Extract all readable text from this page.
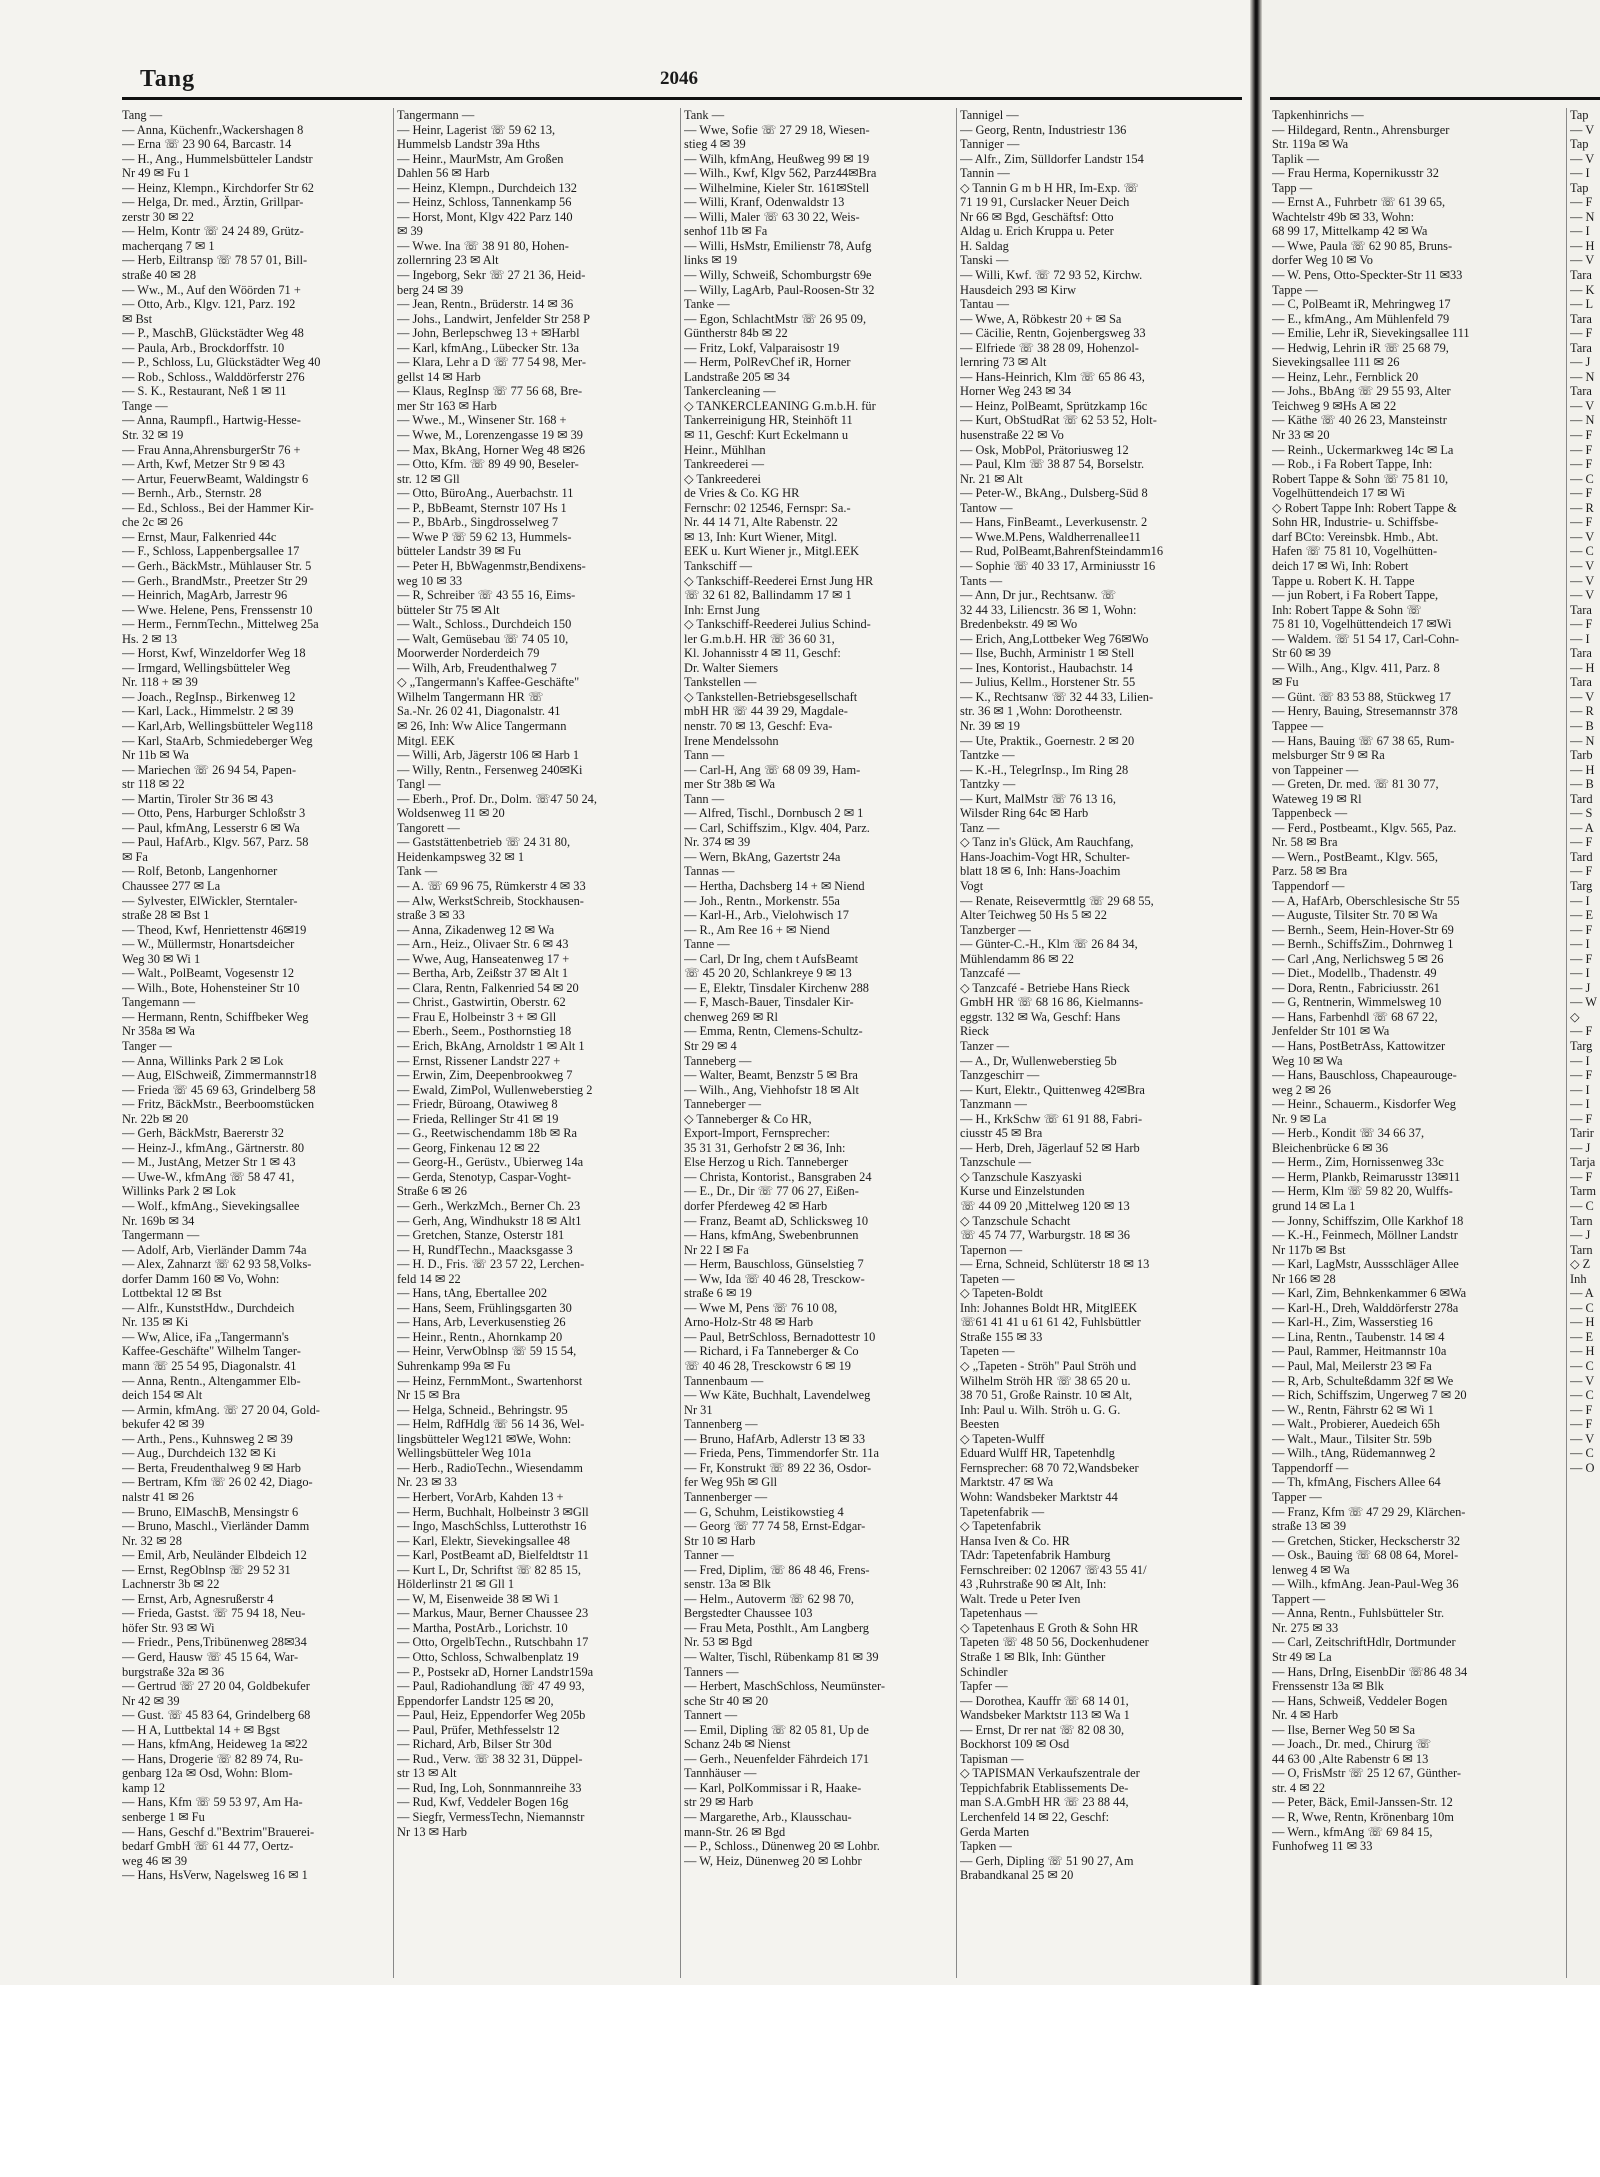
Tang	2046
Tang —
— Anna, Küchenfr.,Wackershagen 8
— Erna ☏ 23 90 64, Barcastr. 14
— H., Ang., Hummelsbütteler Landstr
Nr 49 ✉ Fu 1
— Heinz, Klempn., Kirchdorfer Str 62
— Helga, Dr. med., Ärztin, Grillpar-
zerstr 30 ✉ 22
— Helm, Kontr ☏ 24 24 89, Grütz-
macherqang 7 ✉ 1
— Herb, Eiltransp ☏ 78 57 01, Bill-
straße 40 ✉ 28
— Ww., M., Auf den Wöörden 71 +
— Otto, Arb., Klgv. 121, Parz. 192
✉ Bst
— P., MaschB, Glückstädter Weg 48
— Paula, Arb., Brockdorffstr. 10
— P., Schloss, Lu, Glückstädter Weg 40
— Rob., Schloss., Walddörferstr 276
— S. K., Restaurant, Neß 1 ✉ 11
Tange —
— Anna, Raumpfl., Hartwig-Hesse-
Str. 32 ✉ 19
— Frau Anna,AhrensburgerStr 76 +
— Arth, Kwf, Metzer Str 9 ✉ 43
— Artur, FeuerwBeamt, Waldingstr 6
— Bernh., Arb., Sternstr. 28
— Ed., Schloss., Bei der Hammer Kir-
che 2c ✉ 26
— Ernst, Maur, Falkenried 44c
— F., Schloss, Lappenbergsallee 17
— Gerh., BäckMstr., Mühlauser Str. 5
— Gerh., BrandMstr., Preetzer Str 29
— Heinrich, MagArb, Jarrestr 96
— Wwe. Helene, Pens, Frenssenstr 10
— Herm., FernmTechn., Mittelweg 25a
Hs. 2 ✉ 13
— Horst, Kwf, Winzeldorfer Weg 18
— Irmgard, Wellingsbütteler Weg
Nr. 118 + ✉ 39
— Joach., RegInsp., Birkenweg 12
— Karl, Lack., Himmelstr. 2 ✉ 39
— Karl,Arb, Wellingsbütteler Weg118
— Karl, StaArb, Schmiedeberger Weg
Nr 11b ✉ Wa
— Mariechen ☏ 26 94 54, Papen-
str 118 ✉ 22
— Martin, Tiroler Str 36 ✉ 43
— Otto, Pens, Harburger Schloßstr 3
— Paul, kfmAng, Lesserstr 6 ✉ Wa
— Paul, HafArb., Klgv. 567, Parz. 58
✉ Fa
— Rolf, Betonb, Langenhorner
Chaussee 277 ✉ La
— Sylvester, ElWickler, Sterntaler-
straße 28 ✉ Bst 1
— Theod, Kwf, Henriettenstr 46✉19
— W., Müllermstr, Honartsdeicher
Weg 30 ✉ Wi 1
— Walt., PolBeamt, Vogesenstr 12
— Wilh., Bote, Hohensteiner Str 10
Tangemann —
— Hermann, Rentn, Schiffbeker Weg
Nr 358a ✉ Wa
Tanger —
— Anna, Willinks Park 2 ✉ Lok
— Aug, ElSchweiß, Zimmermannstr18
— Frieda ☏ 45 69 63, Grindelberg 58
— Fritz, BäckMstr., Beerboomstücken
Nr. 22b ✉ 20
— Gerh, BäckMstr, Baererstr 32
— Heinz-J., kfmAng., Gärtnerstr. 80
— M., JustAng, Metzer Str 1 ✉ 43
— Uwe-W., kfmAng ☏ 58 47 41,
Willinks Park 2 ✉ Lok
— Wolf., kfmAng., Sievekingsallee
Nr. 169b ✉ 34
Tangermann —
— Adolf, Arb, Vierländer Damm 74a
— Alex, Zahnarzt ☏ 62 93 58,Volks-
dorfer Damm 160 ✉ Vo, Wohn:
Lottbektal 12 ✉ Bst
— Alfr., KunststHdw., Durchdeich
Nr. 135 ✉ Ki
— Ww, Alice, iFa „Tangermann's
Kaffee-Geschäfte" Wilhelm Tanger-
mann ☏ 25 54 95, Diagonalstr. 41
— Anna, Rentn., Altengammer Elb-
deich 154 ✉ Alt
— Armin, kfmAng. ☏ 27 20 04, Gold-
bekufer 42 ✉ 39
— Arth., Pens., Kuhnsweg 2 ✉ 39
— Aug., Durchdeich 132 ✉ Ki
— Berta, Freudenthalweg 9 ✉ Harb
— Bertram, Kfm ☏ 26 02 42, Diago-
nalstr 41 ✉ 26
— Bruno, ElMaschB, Mensingstr 6
— Bruno, Maschl., Vierländer Damm
Nr. 32 ✉ 28
— Emil, Arb, Neuländer Elbdeich 12
— Ernst, RegOblnsp ☏ 29 52 31
Lachnerstr 3b ✉ 22
— Ernst, Arb, Agnesrußerstr 4
— Frieda, Gastst. ☏ 75 94 18, Neu-
höfer Str. 93 ✉ Wi
— Friedr., Pens,Tribünenweg 28✉34
— Gerd, Hausw ☏ 45 15 64, War-
burgstraße 32a ✉ 36
— Gertrud ☏ 27 20 04, Goldbekufer
Nr 42 ✉ 39
— Gust. ☏ 45 83 64, Grindelberg 68
— H A, Luttbektal 14 + ✉ Bgst
— Hans, kfmAng, Heideweg 1a ✉22
— Hans, Drogerie ☏ 82 89 74, Ru-
genbarg 12a ✉ Osd, Wohn: Blom-
kamp 12
— Hans, Kfm ☏ 59 53 97, Am Ha-
senberge 1 ✉ Fu
— Hans, Geschf d."Bextrim"Brauerei-
bedarf GmbH ☏ 61 44 77, Oertz-
weg 46 ✉ 39
— Hans, HsVerw, Nagelsweg 16 ✉ 1
Tangermann —
— Heinr, Lagerist ☏ 59 62 13,
Hummelsb Landstr 39a Hths
— Heinr., MaurMstr, Am Großen
Dahlen 56 ✉ Harb
— Heinz, Klempn., Durchdeich 132
— Heinz, Schloss, Tannenkamp 56
— Horst, Mont, Klgv 422 Parz 140
✉ 39
— Wwe. Ina ☏ 38 91 80, Hohen-
zollernring 23 ✉ Alt
— Ingeborg, Sekr ☏ 27 21 36, Heid-
berg 24 ✉ 39
— Jean, Rentn., Brüderstr. 14 ✉ 36
— Johs., Landwirt, Jenfelder Str 258 P
— John, Berlepschweg 13 + ✉Harbl
— Karl, kfmAng., Lübecker Str. 13a
— Klara, Lehr a D ☏ 77 54 98, Mer-
gellst 14 ✉ Harb
— Klaus, RegInsp ☏ 77 56 68, Bre-
mer Str 163 ✉ Harb
— Wwe., M., Winsener Str. 168 +
— Wwe, M., Lorenzengasse 19 ✉ 39
— Max, BkAng, Horner Weg 48 ✉26
— Otto, Kfm. ☏ 89 49 90, Beseler-
str. 12 ✉ Gll
— Otto, BüroAng., Auerbachstr. 11
— P., BbBeamt, Sternstr 107 Hs 1
— P., BbArb., Singdrosselweg 7
— Wwe P ☏ 59 62 13, Hummels-
bütteler Landstr 39 ✉ Fu
— Peter H, BbWagenmstr,Bendixens-
weg 10 ✉ 33
— R, Schreiber ☏ 43 55 16, Eims-
bütteler Str 75 ✉ Alt
— Walt., Schloss., Durchdeich 150
— Walt, Gemüsebau ☏ 74 05 10,
Moorwerder Norderdeich 79
— Wilh, Arb, Freudenthalweg 7
◇ „Tangermann's Kaffee-Geschäfte"
Wilhelm Tangermann HR ☏
Sa.-Nr. 26 02 41, Diagonalstr. 41
✉ 26, Inh: Ww Alice Tangermann
Mitgl. EEK
— Willi, Arb, Jägerstr 106 ✉ Harb 1
— Willy, Rentn., Fersenweg 240✉Ki
Tangl —
— Eberh., Prof. Dr., Dolm. ☏47 50 24,
Woldsenweg 11 ✉ 20
Tangorett —
— Gaststättenbetrieb ☏ 24 31 80,
Heidenkampsweg 32 ✉ 1
Tank —
— A. ☏ 69 96 75, Rümkerstr 4 ✉ 33
— Alw, WerkstSchreib, Stockhausen-
straße 3 ✉ 33
— Anna, Zikadenweg 12 ✉ Wa
— Arn., Heiz., Olivaer Str. 6 ✉ 43
— Wwe, Aug, Hanseatenweg 17 +
— Bertha, Arb, Zeißstr 37 ✉ Alt 1
— Clara, Rentn, Falkenried 54 ✉ 20
— Christ., Gastwirtin, Oberstr. 62
— Frau E, Holbeinstr 3 + ✉ Gll
— Eberh., Seem., Posthornstieg 18
— Erich, BkAng, Arnoldstr 1 ✉ Alt 1
— Ernst, Rissener Landstr 227 +
— Erwin, Zim, Deepenbrookweg 7
— Ewald, ZimPol, Wullenweberstieg 2
— Friedr, Büroang, Otawiweg 8
— Frieda, Rellinger Str 41 ✉ 19
— G., Reetwischendamm 18b ✉ Ra
— Georg, Finkenau 12 ✉ 22
— Georg-H., Gerüstv., Ubierweg 14a
— Gerda, Stenotyp, Caspar-Voght-
Straße 6 ✉ 26
— Gerh., WerkzMch., Berner Ch. 23
— Gerh, Ang, Windhukstr 18 ✉ Alt1
— Gretchen, Stanze, Osterstr 181
— H, RundfTechn., Maacksgasse 3
— H. D., Fris. ☏ 23 57 22, Lerchen-
feld 14 ✉ 22
— Hans, tAng, Ebertallee 202
— Hans, Seem, Frühlingsgarten 30
— Hans, Arb, Leverkusenstieg 26
— Heinr., Rentn., Ahornkamp 20
— Heinr, VerwOblnsp ☏ 59 15 54,
Suhrenkamp 99a ✉ Fu
— Heinz, FernmMont., Swartenhorst
Nr 15 ✉ Bra
— Helga, Schneid., Behringstr. 95
— Helm, RdfHdlg ☏ 56 14 36, Wel-
lingsbütteler Weg121 ✉We, Wohn:
Wellingsbütteler Weg 101a
— Herb., RadioTechn., Wiesendamm
Nr. 23 ✉ 33
— Herbert, VorArb, Kahden 13 +
— Herm, Buchhalt, Holbeinstr 3 ✉Gll
— Ingo, MaschSchlss, Lutterothstr 16
— Karl, Elektr, Sievekingsallee 48
— Karl, PostBeamt aD, Bielfeldtstr 11
— Kurt L, Dr, Schriftst ☏ 82 85 15,
Hölderlinstr 21 ✉ Gll 1
— W, M, Eisenweide 38 ✉ Wi 1
— Markus, Maur, Berner Chaussee 23
— Martha, PostArb., Lorichstr. 10
— Otto, OrgelbTechn., Rutschbahn 17
— Otto, Schloss, Schwalbenplatz 19
— P., Postsekr aD, Horner Landstr159a
— Paul, Radiohandlung ☏ 47 49 93,
Eppendorfer Landstr 125 ✉ 20,
— Paul, Heiz, Eppendorfer Weg 205b
— Paul, Prüfer, Methfesselstr 12
— Richard, Arb, Bilser Str 30d
— Rud., Verw. ☏ 38 32 31, Düppel-
str 13 ✉ Alt
— Rud, Ing, Loh, Sonnmannreihe 33
— Rud, Kwf, Veddeler Bogen 16g
— Siegfr, VermessTechn, Niemannstr
Nr 13 ✉ Harb
Tank —
— Wwe, Sofie ☏ 27 29 18, Wiesen-
stieg 4 ✉ 39
— Wilh, kfmAng, Heußweg 99 ✉ 19
— Wilh., Kwf, Klgv 562, Parz44✉Bra
— Wilhelmine, Kieler Str. 161✉Stell
— Willi, Kranf, Odenwaldstr 13
— Willi, Maler ☏ 63 30 22, Weis-
senhof 11b ✉ Fa
— Willi, HsMstr, Emilienstr 78, Aufg
links ✉ 19
— Willy, Schweiß, Schomburgstr 69e
— Willy, LagArb, Paul-Roosen-Str 32
Tanke —
— Egon, SchlachtMstr ☏ 26 95 09,
Güntherstr 84b ✉ 22
— Fritz, Lokf, Valparaisostr 19
— Herm, PolRevChef iR, Horner
Landstraße 205 ✉ 34
Tankercleaning —
◇ TANKERCLEANING G.m.b.H. für
Tankerreinigung HR, Steinhöft 11
✉ 11, Geschf: Kurt Eckelmann u
Heinr., Mühlhan
Tankreederei —
◇ Tankreederei
de Vries & Co. KG HR
Fernschr: 02 12546, Fernspr: Sa.-
Nr. 44 14 71, Alte Rabenstr. 22
✉ 13, Inh: Kurt Wiener, Mitgl.
EEK u. Kurt Wiener jr., Mitgl.EEK
Tankschiff —
◇ Tankschiff-Reederei Ernst Jung HR
☏ 32 61 82, Ballindamm 17 ✉ 1
Inh: Ernst Jung
◇ Tankschiff-Reederei Julius Schind-
ler G.m.b.H. HR ☏ 36 60 31,
Kl. Johannisstr 4 ✉ 11, Geschf:
Dr. Walter Siemers
Tankstellen —
◇ Tankstellen-Betriebsgesellschaft
mbH HR ☏ 44 39 29, Magdale-
nenstr. 70 ✉ 13, Geschf: Eva-
Irene Mendelssohn
Tann —
— Carl-H, Ang ☏ 68 09 39, Ham-
mer Str 38b ✉ Wa
Tann —
— Alfred, Tischl., Dornbusch 2 ✉ 1
— Carl, Schiffszim., Klgv. 404, Parz.
Nr. 374 ✉ 39
— Wern, BkAng, Gazertstr 24a
Tannas —
— Hertha, Dachsberg 14 + ✉ Niend
— Joh., Rentn., Morkenstr. 55a
— Karl-H., Arb., Vielohwisch 17
— R., Am Ree 16 + ✉ Niend
Tanne —
— Carl, Dr Ing, chem t AufsBeamt
☏ 45 20 20, Schlankreye 9 ✉ 13
— E, Elektr, Tinsdaler Kirchenw 288
— F, Masch-Bauer, Tinsdaler Kir-
chenweg 269 ✉ Rl
— Emma, Rentn, Clemens-Schultz-
Str 29 ✉ 4
Tanneberg —
— Walter, Beamt, Benzstr 5 ✉ Bra
— Wilh., Ang, Viehhofstr 18 ✉ Alt
Tanneberger —
◇ Tanneberger & Co HR,
Export-Import, Fernsprecher:
35 31 31, Gerhofstr 2 ✉ 36, Inh:
Else Herzog u Rich. Tanneberger
— Christa, Kontorist., Bansgraben 24
— E., Dr., Dir ☏ 77 06 27, Eißen-
dorfer Pferdeweg 42 ✉ Harb
— Franz, Beamt aD, Schlicksweg 10
— Hans, kfmAng, Swebenbrunnen
Nr 22 I ✉ Fa
— Herm, Bauschloss, Günselstieg 7
— Ww, Ida ☏ 40 46 28, Tresckow-
straße 6 ✉ 19
— Wwe M, Pens ☏ 76 10 08,
Arno-Holz-Str 48 ✉ Harb
— Paul, BetrSchloss, Bernadottestr 10
— Richard, i Fa Tanneberger & Co
☏ 40 46 28, Tresckowstr 6 ✉ 19
Tannenbaum —
— Ww Käte, Buchhalt, Lavendelweg
Nr 31
Tannenberg —
— Bruno, HafArb, Adlerstr 13 ✉ 33
— Frieda, Pens, Timmendorfer Str. 11a
— Fr, Konstrukt ☏ 89 22 36, Osdor-
fer Weg 95h ✉ Gll
Tannenberger —
— G, Schuhm, Leistikowstieg 4
— Georg ☏ 77 74 58, Ernst-Edgar-
Str 10 ✉ Harb
Tanner —
— Fred, Diplim, ☏ 86 48 46, Frens-
senstr. 13a ✉ Blk
— Helm., Autoverm ☏ 62 98 70,
Bergstedter Chaussee 103
— Frau Meta, Posthlt., Am Langberg
Nr. 53 ✉ Bgd
— Walter, Tischl, Rübenkamp 81 ✉ 39
Tanners —
— Herbert, MaschSchloss, Neumünster-
sche Str 40 ✉ 20
Tannert —
— Emil, Dipling ☏ 82 05 81, Up de
Schanz 24b ✉ Nienst
— Gerh., Neuenfelder Fährdeich 171
Tannhäuser —
— Karl, PolKommissar i R, Haake-
str 29 ✉ Harb
— Margarethe, Arb., Klausschau-
mann-Str. 26 ✉ Bgd
— P., Schloss., Dünenweg 20 ✉ Lohbr.
— W, Heiz, Dünenweg 20 ✉ Lohbr
Tannigel —
— Georg, Rentn, Industriestr 136
Tanniger —
— Alfr., Zim, Sülldorfer Landstr 154
Tannin —
◇ Tannin G m b H HR, Im-Exp. ☏
71 19 91, Curslacker Neuer Deich
Nr 66 ✉ Bgd, Geschäftsf: Otto
Aldag u. Erich Kruppa u. Peter
H. Saldag
Tanski —
— Willi, Kwf. ☏ 72 93 52, Kirchw.
Hausdeich 293 ✉ Kirw
Tantau —
— Wwe, A, Röbkestr 20 + ✉ Sa
— Cäcilie, Rentn, Gojenbergsweg 33
— Elfriede ☏ 38 28 09, Hohenzol-
lernring 73 ✉ Alt
— Hans-Heinrich, Klm ☏ 65 86 43,
Horner Weg 243 ✉ 34
— Heinz, PolBeamt, Sprützkamp 16c
— Kurt, ObStudRat ☏ 62 53 52, Holt-
husenstraße 22 ✉ Vo
— Osk, MobPol, Prätoriusweg 12
— Paul, Klm ☏ 38 87 54, Borselstr.
Nr. 21 ✉ Alt
— Peter-W., BkAng., Dulsberg-Süd 8
Tantow —
— Hans, FinBeamt., Leverkusenstr. 2
— Wwe.M.Pens, Waldherrenallee11
— Rud, PolBeamt,BahrenfSteindamm16
— Sophie ☏ 40 33 17, Arminiusstr 16
Tants —
— Ann, Dr jur., Rechtsanw. ☏
32 44 33, Liliencstr. 36 ✉ 1, Wohn:
Bredenbekstr. 49 ✉ Wo
— Erich, Ang,Lottbeker Weg 76✉Wo
— Ilse, Buchh, Arministr 1 ✉ Stell
— Ines, Kontorist., Haubachstr. 14
— Julius, Kellm., Horstener Str. 55
— K., Rechtsanw ☏ 32 44 33, Lilien-
str. 36 ✉ 1 ,Wohn: Dorotheenstr.
Nr. 39 ✉ 19
— Ute, Praktik., Goernestr. 2 ✉ 20
Tantzke —
— K.-H., TelegrInsp., Im Ring 28
Tantzky —
— Kurt, MalMstr ☏ 76 13 16,
Wilsder Ring 64c ✉ Harb
Tanz —
◇ Tanz in's Glück, Am Rauchfang,
Hans-Joachim-Vogt HR, Schulter-
blatt 18 ✉ 6, Inh: Hans-Joachim
Vogt
— Renate, Reisevermttlg ☏ 29 68 55,
Alter Teichweg 50 Hs 5 ✉ 22
Tanzberger —
— Günter-C.-H., Klm ☏ 26 84 34,
Mühlendamm 86 ✉ 22
Tanzcafé —
◇ Tanzcafé - Betriebe Hans Rieck
GmbH HR ☏ 68 16 86, Kielmanns-
eggstr. 132 ✉ Wa, Geschf: Hans
Rieck
Tanzer —
— A., Dr, Wullenweberstieg 5b
Tanzgeschirr —
— Kurt, Elektr., Quittenweg 42✉Bra
Tanzmann —
— H., KrkSchw ☏ 61 91 88, Fabri-
ciusstr 45 ✉ Bra
— Herb, Dreh, Jägerlauf 52 ✉ Harb
Tanzschule —
◇ Tanzschule Kaszyaski
Kurse und Einzelstunden
☏ 44 09 20 ,Mittelweg 120 ✉ 13
◇ Tanzschule Schacht
☏ 45 74 77, Warburgstr. 18 ✉ 36
Tapernon —
— Erna, Schneid, Schlüterstr 18 ✉ 13
Tapeten —
◇ Tapeten-Boldt
Inh: Johannes Boldt HR, MitglEEK
☏61 41 41 u 61 61 42, Fuhlsbüttler
Straße 155 ✉ 33
Tapeten —
◇ „Tapeten - Ströh" Paul Ströh und
Wilhelm Ströh HR ☏ 38 65 20 u.
38 70 51, Große Rainstr. 10 ✉ Alt,
Inh: Paul u. Wilh. Ströh u. G. G.
Beesten
◇ Tapeten-Wulff
Eduard Wulff HR, Tapetenhdlg
Fernsprecher: 68 70 72,Wandsbeker
Marktstr. 47 ✉ Wa
Wohn: Wandsbeker Marktstr 44
Tapetenfabrik —
◇ Tapetenfabrik
Hansa Iven & Co. HR
TAdr: Tapetenfabrik Hamburg
Fernschreiber: 02 12067 ☏43 55 41/
43 ,Ruhrstraße 90 ✉ Alt, Inh:
Walt. Trede u Peter Iven
Tapetenhaus —
◇ Tapetenhaus E Groth & Sohn HR
Tapeten ☏ 48 50 56, Dockenhudener
Straße 1 ✉ Blk, Inh: Günther
Schindler
Tapfer —
— Dorothea, Kauffr ☏ 68 14 01,
Wandsbeker Marktstr 113 ✉ Wa 1
— Ernst, Dr rer nat ☏ 82 08 30,
Bockhorst 109 ✉ Osd
Tapisman —
◇ TAPISMAN Verkaufszentrale der
Teppichfabrik Etablissements De-
man S.A.GmbH HR ☏ 23 88 44,
Lerchenfeld 14 ✉ 22, Geschf:
Gerda Marten
Tapken —
— Gerh, Dipling ☏ 51 90 27, Am
Brabandkanal 25 ✉ 20
Tapkenhinrichs —
— Hildegard, Rentn., Ahrensburger
Str. 119a ✉ Wa
Taplik —
— Frau Herma, Kopernikusstr 32
Tapp —
— Ernst A., Fuhrbetr ☏ 61 39 65,
Wachtelstr 49b ✉ 33, Wohn:
68 99 17, Mittelkamp 42 ✉ Wa
— Wwe, Paula ☏ 62 90 85, Bruns-
dorfer Weg 10 ✉ Vo
— W. Pens, Otto-Speckter-Str 11 ✉33
Tappe —
— C, PolBeamt iR, Mehringweg 17
— E., kfmAng., Am Mühlenfeld 79
— Emilie, Lehr iR, Sievekingsallee 111
— Hedwig, Lehrin iR ☏ 25 68 79,
Sievekingsallee 111 ✉ 26
— Heinz, Lehr., Fernblick 20
— Johs., BbAng ☏ 29 55 93, Alter
Teichweg 9 ✉Hs A ✉ 22
— Käthe ☏ 40 26 23, Mansteinstr
Nr 33 ✉ 20
— Reinh., Uckermarkweg 14c ✉ La
— Rob., i Fa Robert Tappe, Inh:
Robert Tappe & Sohn ☏ 75 81 10,
Vogelhüttendeich 17 ✉ Wi
◇ Robert Tappe Inh: Robert Tappe &
Sohn HR, Industrie- u. Schiffsbe-
darf BCto: Vereinsbk. Hmb., Abt.
Hafen ☏ 75 81 10, Vogelhütten-
deich 17 ✉ Wi, Inh: Robert
Tappe u. Robert K. H. Tappe
— jun Robert, i Fa Robert Tappe,
Inh: Robert Tappe & Sohn ☏
75 81 10, Vogelhüttendeich 17 ✉Wi
— Waldem. ☏ 51 54 17, Carl-Cohn-
Str 60 ✉ 39
— Wilh., Ang., Klgv. 411, Parz. 8
✉ Fu
— Günt. ☏ 83 53 88, Stückweg 17
— Henry, Bauing, Stresemannstr 378
Tappee —
— Hans, Bauing ☏ 67 38 65, Rum-
melsburger Str 9 ✉ Ra
von Tappeiner —
— Greten, Dr. med. ☏ 81 30 77,
Wateweg 19 ✉ Rl
Tappenbeck —
— Ferd., Postbeamt., Klgv. 565, Paz.
Nr. 58 ✉ Bra
— Wern., PostBeamt., Klgv. 565,
Parz. 58 ✉ Bra
Tappendorf —
— A, HafArb, Oberschlesische Str 55
— Auguste, Tilsiter Str. 70 ✉ Wa
— Bernh., Seem, Hein-Hover-Str 69
— Bernh., SchiffsZim., Dohrnweg 1
— Carl ,Ang, Nerlichsweg 5 ✉ 26
— Diet., Modellb., Thadenstr. 49
— Dora, Rentn., Fabriciusstr. 261
— G, Rentnerin, Wimmelsweg 10
— Hans, Farbenhdl ☏ 68 67 22,
Jenfelder Str 101 ✉ Wa
— Hans, PostBetrAss, Kattowitzer
Weg 10 ✉ Wa
— Hans, Bauschloss, Chapeaurouge-
weg 2 ✉ 26
— Heinr., Schauerm., Kisdorfer Weg
Nr. 9 ✉ La
— Herb., Kondit ☏ 34 66 37,
Bleichenbrücke 6 ✉ 36
— Herm., Zim, Hornissenweg 33c
— Herm, Plankb, Reimarusstr 13✉11
— Herm, Klm ☏ 59 82 20, Wulffs-
grund 14 ✉ La 1
— Jonny, Schiffszim, Olle Karkhof 18
— K.-H., Feinmech, Möllner Landstr
Nr 117b ✉ Bst
— Karl, LagMstr, Aussschläger Allee
Nr 166 ✉ 28
— Karl, Zim, Behnkenkammer 6 ✉Wa
— Karl-H., Dreh, Walddörferstr 278a
— Karl-H., Zim, Wasserstieg 16
— Lina, Rentn., Taubenstr. 14 ✉ 4
— Paul, Rammer, Heitmannstr 10a
— Paul, Mal, Meilerstr 23 ✉ Fa
— R, Arb, Schulteßdamm 32f ✉ We
— Rich, Schiffszim, Ungerweg 7 ✉ 20
— W., Rentn, Fährstr 62 ✉ Wi 1
— Walt., Probierer, Auedeich 65h
— Walt., Maur., Tilsiter Str. 59b
— Wilh., tAng, Rüdemannweg 2
Tappendorff —
— Th, kfmAng, Fischers Allee 64
Tapper —
— Franz, Kfm ☏ 47 29 29, Klärchen-
straße 13 ✉ 39
— Gretchen, Sticker, Heckscherstr 32
— Osk., Bauing ☏ 68 08 64, Morel-
lenweg 4 ✉ Wa
— Wilh., kfmAng. Jean-Paul-Weg 36
Tappert —
— Anna, Rentn., Fuhlsbütteler Str.
Nr. 275 ✉ 33
— Carl, ZeitschriftHdlr, Dortmunder
Str 49 ✉ La
— Hans, DrIng, EisenbDir ☏86 48 34
Frenssenstr 13a ✉ Blk
— Hans, Schweiß, Veddeler Bogen
Nr. 4 ✉ Harb
— Ilse, Berner Weg 50 ✉ Sa
— Joach., Dr. med., Chirurg ☏
44 63 00 ,Alte Rabenstr 6 ✉ 13
— O, FrisMstr ☏ 25 12 67, Günther-
str. 4 ✉ 22
— Peter, Bäck, Emil-Janssen-Str. 12
— R, Wwe, Rentn, Krönenbarg 10m
— Wern., kfmAng ☏ 69 84 15,
Funhofweg 11 ✉ 33
Tap
— V
Tap
— V
— I
Tap
— F
— N
— I
— H
— V
Tara
— K
— L
Tara
— F
Tara
— J
— N
Tara
— V
— N
— F
— F
— F
— C
— F
— R
— F
— V
— C
— V
— V
— V
Tara
— F
— I
Tara
— H
Tara
— V
— R
— B
— N
Tarb
— H
— B
Tard
— S
— A
— F
Tard
— F
Targ
— I
— E
— F
— I
— F
— I
— J
— W
◇
— F
Targ
— I
— F
— I
— I
— F
Tarir
— J
Tarja
— F
Tarm
— C
Tarn
— J
Tarn
◇ Z
Inh
— A
— C
— H
— E
— H
— C
— V
— C
— F
— F
— V
— C
— O
